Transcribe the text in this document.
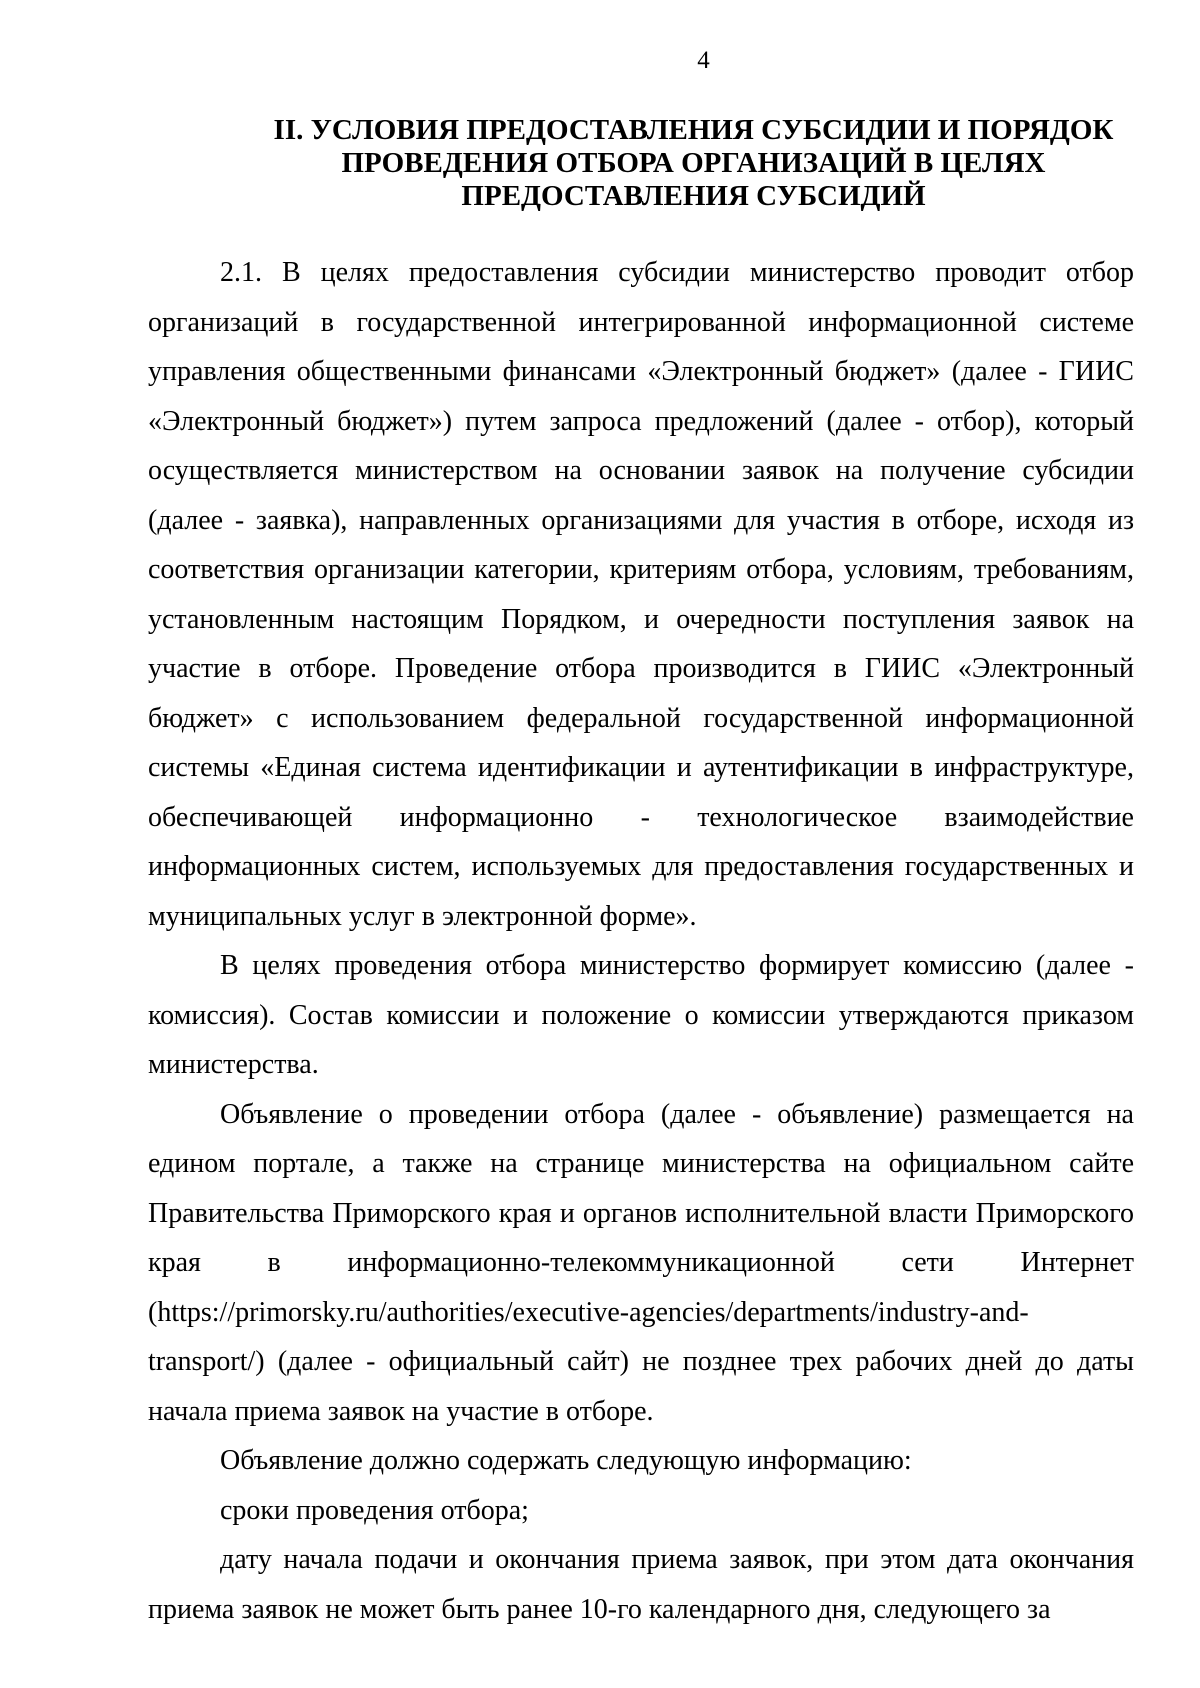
4
II. УСЛОВИЯ ПРЕДОСТАВЛЕНИЯ СУБСИДИИ И ПОРЯДОК
ПРОВЕДЕНИЯ ОТБОРА ОРГАНИЗАЦИЙ В ЦЕЛЯХ
ПРЕДОСТАВЛЕНИЯ СУБСИДИЙ

2.1. В целях предоставления субсидии министерство проводит отбор организаций в государственной интегрированной информационной системе управления общественными финансами «Электронный бюджет» (далее - ГИИС «Электронный бюджет») путем запроса предложений (далее - отбор), который осуществляется министерством на основании заявок на получение субсидии (далее - заявка), направленных организациями для участия в отборе, исходя из соответствия организации категории, критериям отбора, условиям, требованиям, установленным настоящим Порядком, и очередности поступления заявок на участие в отборе. Проведение отбора производится в ГИИС «Электронный бюджет» с использованием федеральной государственной информационной системы «Единая система идентификации и аутентификации в инфраструктуре, обеспечивающей информационно - технологическое взаимодействие информационных систем, используемых для предоставления государственных и муниципальных услуг в электронной форме».

В целях проведения отбора министерство формирует комиссию (далее - комиссия). Состав комиссии и положение о комиссии утверждаются приказом министерства.

Объявление о проведении отбора (далее - объявление) размещается на едином портале, а также на странице министерства на официальном сайте Правительства Приморского края и органов исполнительной власти Приморского края в информационно-телекоммуникационной сети Интернет (https://primorsky.ru/authorities/executive-agencies/departments/industry-and-transport/) (далее - официальный сайт) не позднее трех рабочих дней до даты начала приема заявок на участие в отборе.

Объявление должно содержать следующую информацию:

сроки проведения отбора;

дату начала подачи и окончания приема заявок, при этом дата окончания приема заявок не может быть ранее 10-го календарного дня, следующего за
